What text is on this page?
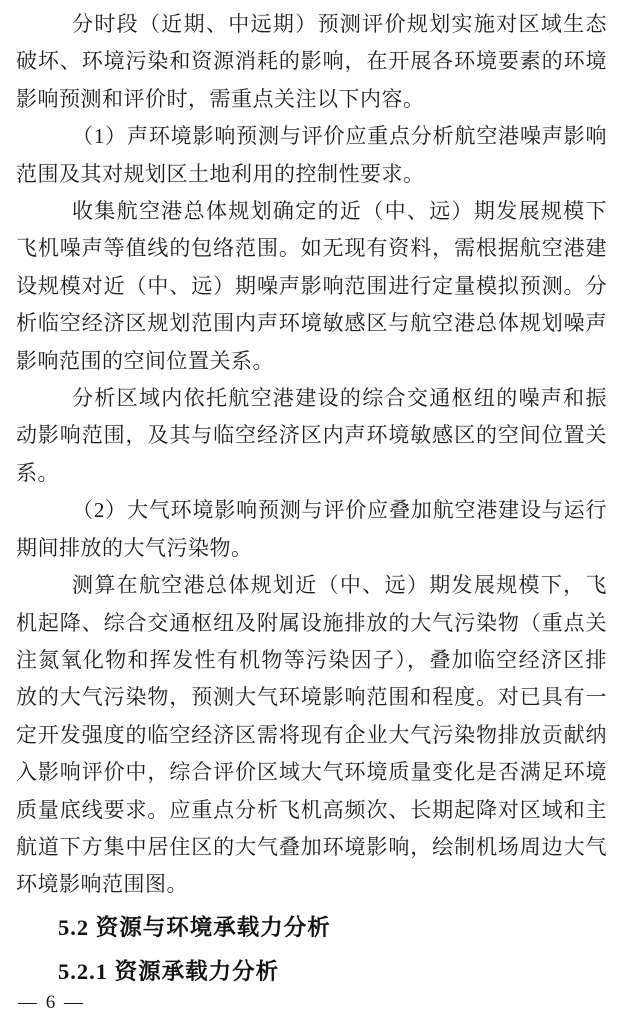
分时段（近期、中远期）预测评价规划实施对区域生态破坏、环境污染和资源消耗的影响，在开展各环境要素的环境影响预测和评价时，需重点关注以下内容。

（1）声环境影响预测与评价应重点分析航空港噪声影响范围及其对规划区土地利用的控制性要求。

收集航空港总体规划确定的近（中、远）期发展规模下飞机噪声等值线的包络范围。如无现有资料，需根据航空港建设规模对近（中、远）期噪声影响范围进行定量模拟预测。分析临空经济区规划范围内声环境敏感区与航空港总体规划噪声影响范围的空间位置关系。

分析区域内依托航空港建设的综合交通枢纽的噪声和振动影响范围，及其与临空经济区内声环境敏感区的空间位置关系。

（2）大气环境影响预测与评价应叠加航空港建设与运行期间排放的大气污染物。

测算在航空港总体规划近（中、远）期发展规模下，飞机起降、综合交通枢纽及附属设施排放的大气污染物（重点关注氮氧化物和挥发性有机物等污染因子），叠加临空经济区排放的大气污染物，预测大气环境影响范围和程度。对已具有一定开发强度的临空经济区需将现有企业大气污染物排放贡献纳入影响评价中，综合评价区域大气环境质量变化是否满足环境质量底线要求。应重点分析飞机高频次、长期起降对区域和主航道下方集中居住区的大气叠加环境影响，绘制机场周边大气环境影响范围图。

5.2 资源与环境承载力分析
5.2.1 资源承载力分析
— 6 —
